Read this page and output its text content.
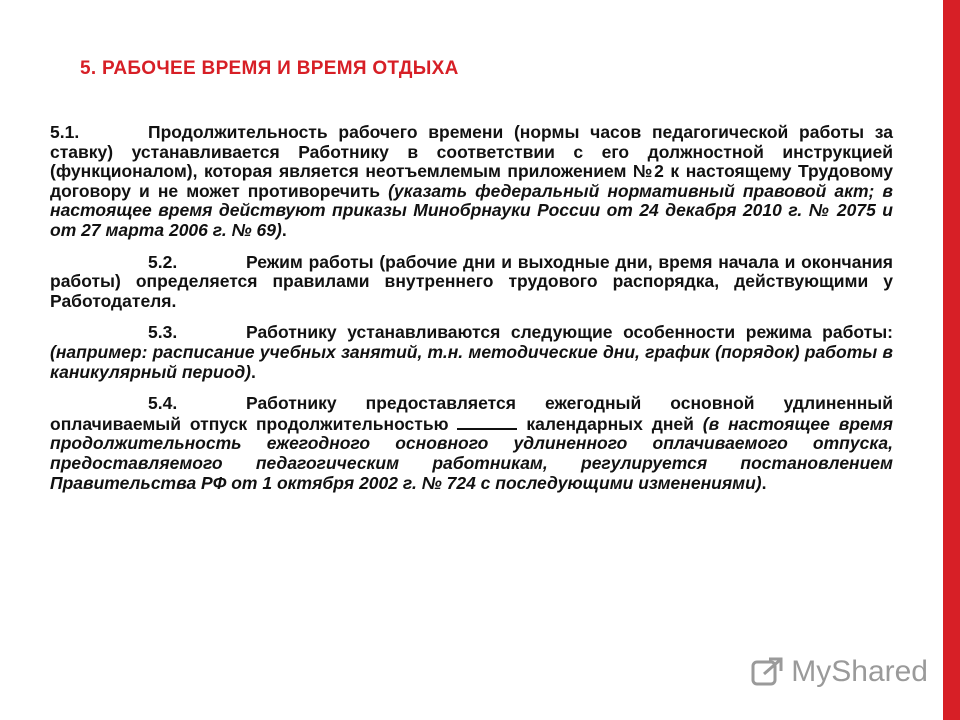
5. РАБОЧЕЕ ВРЕМЯ И ВРЕМЯ ОТДЫХА

5.1.	Продолжительность рабочего времени (нормы часов педагогической работы за ставку) устанавливается Работнику в соответствии с его должностной инструкцией (функционалом), которая является неотъемлемым приложением №2 к настоящему Трудовому договору и не может противоречить (указать федеральный нормативный правовой акт; в настоящее время действуют приказы Минобрнауки России от 24 декабря 2010 г. № 2075 и от 27 марта 2006 г. № 69).

5.2.	Режим работы (рабочие дни и выходные дни, время начала и окончания работы) определяется правилами внутреннего трудового распорядка, действующими у Работодателя.

5.3.	Работнику устанавливаются следующие особенности режима работы: (например: расписание учебных занятий, т.н. методические дни, график (порядок) работы в каникулярный период).

5.4.	Работнику предоставляется ежегодный основной удлиненный оплачиваемый отпуск продолжительностью	календарных дней (в настоящее время продолжительность ежегодного основного удлиненного оплачиваемого отпуска, предоставляемого педагогическим работникам, регулируется постановлением Правительства РФ от 1 октября 2002 г. № 724 с последующими изменениями).

MyShared
